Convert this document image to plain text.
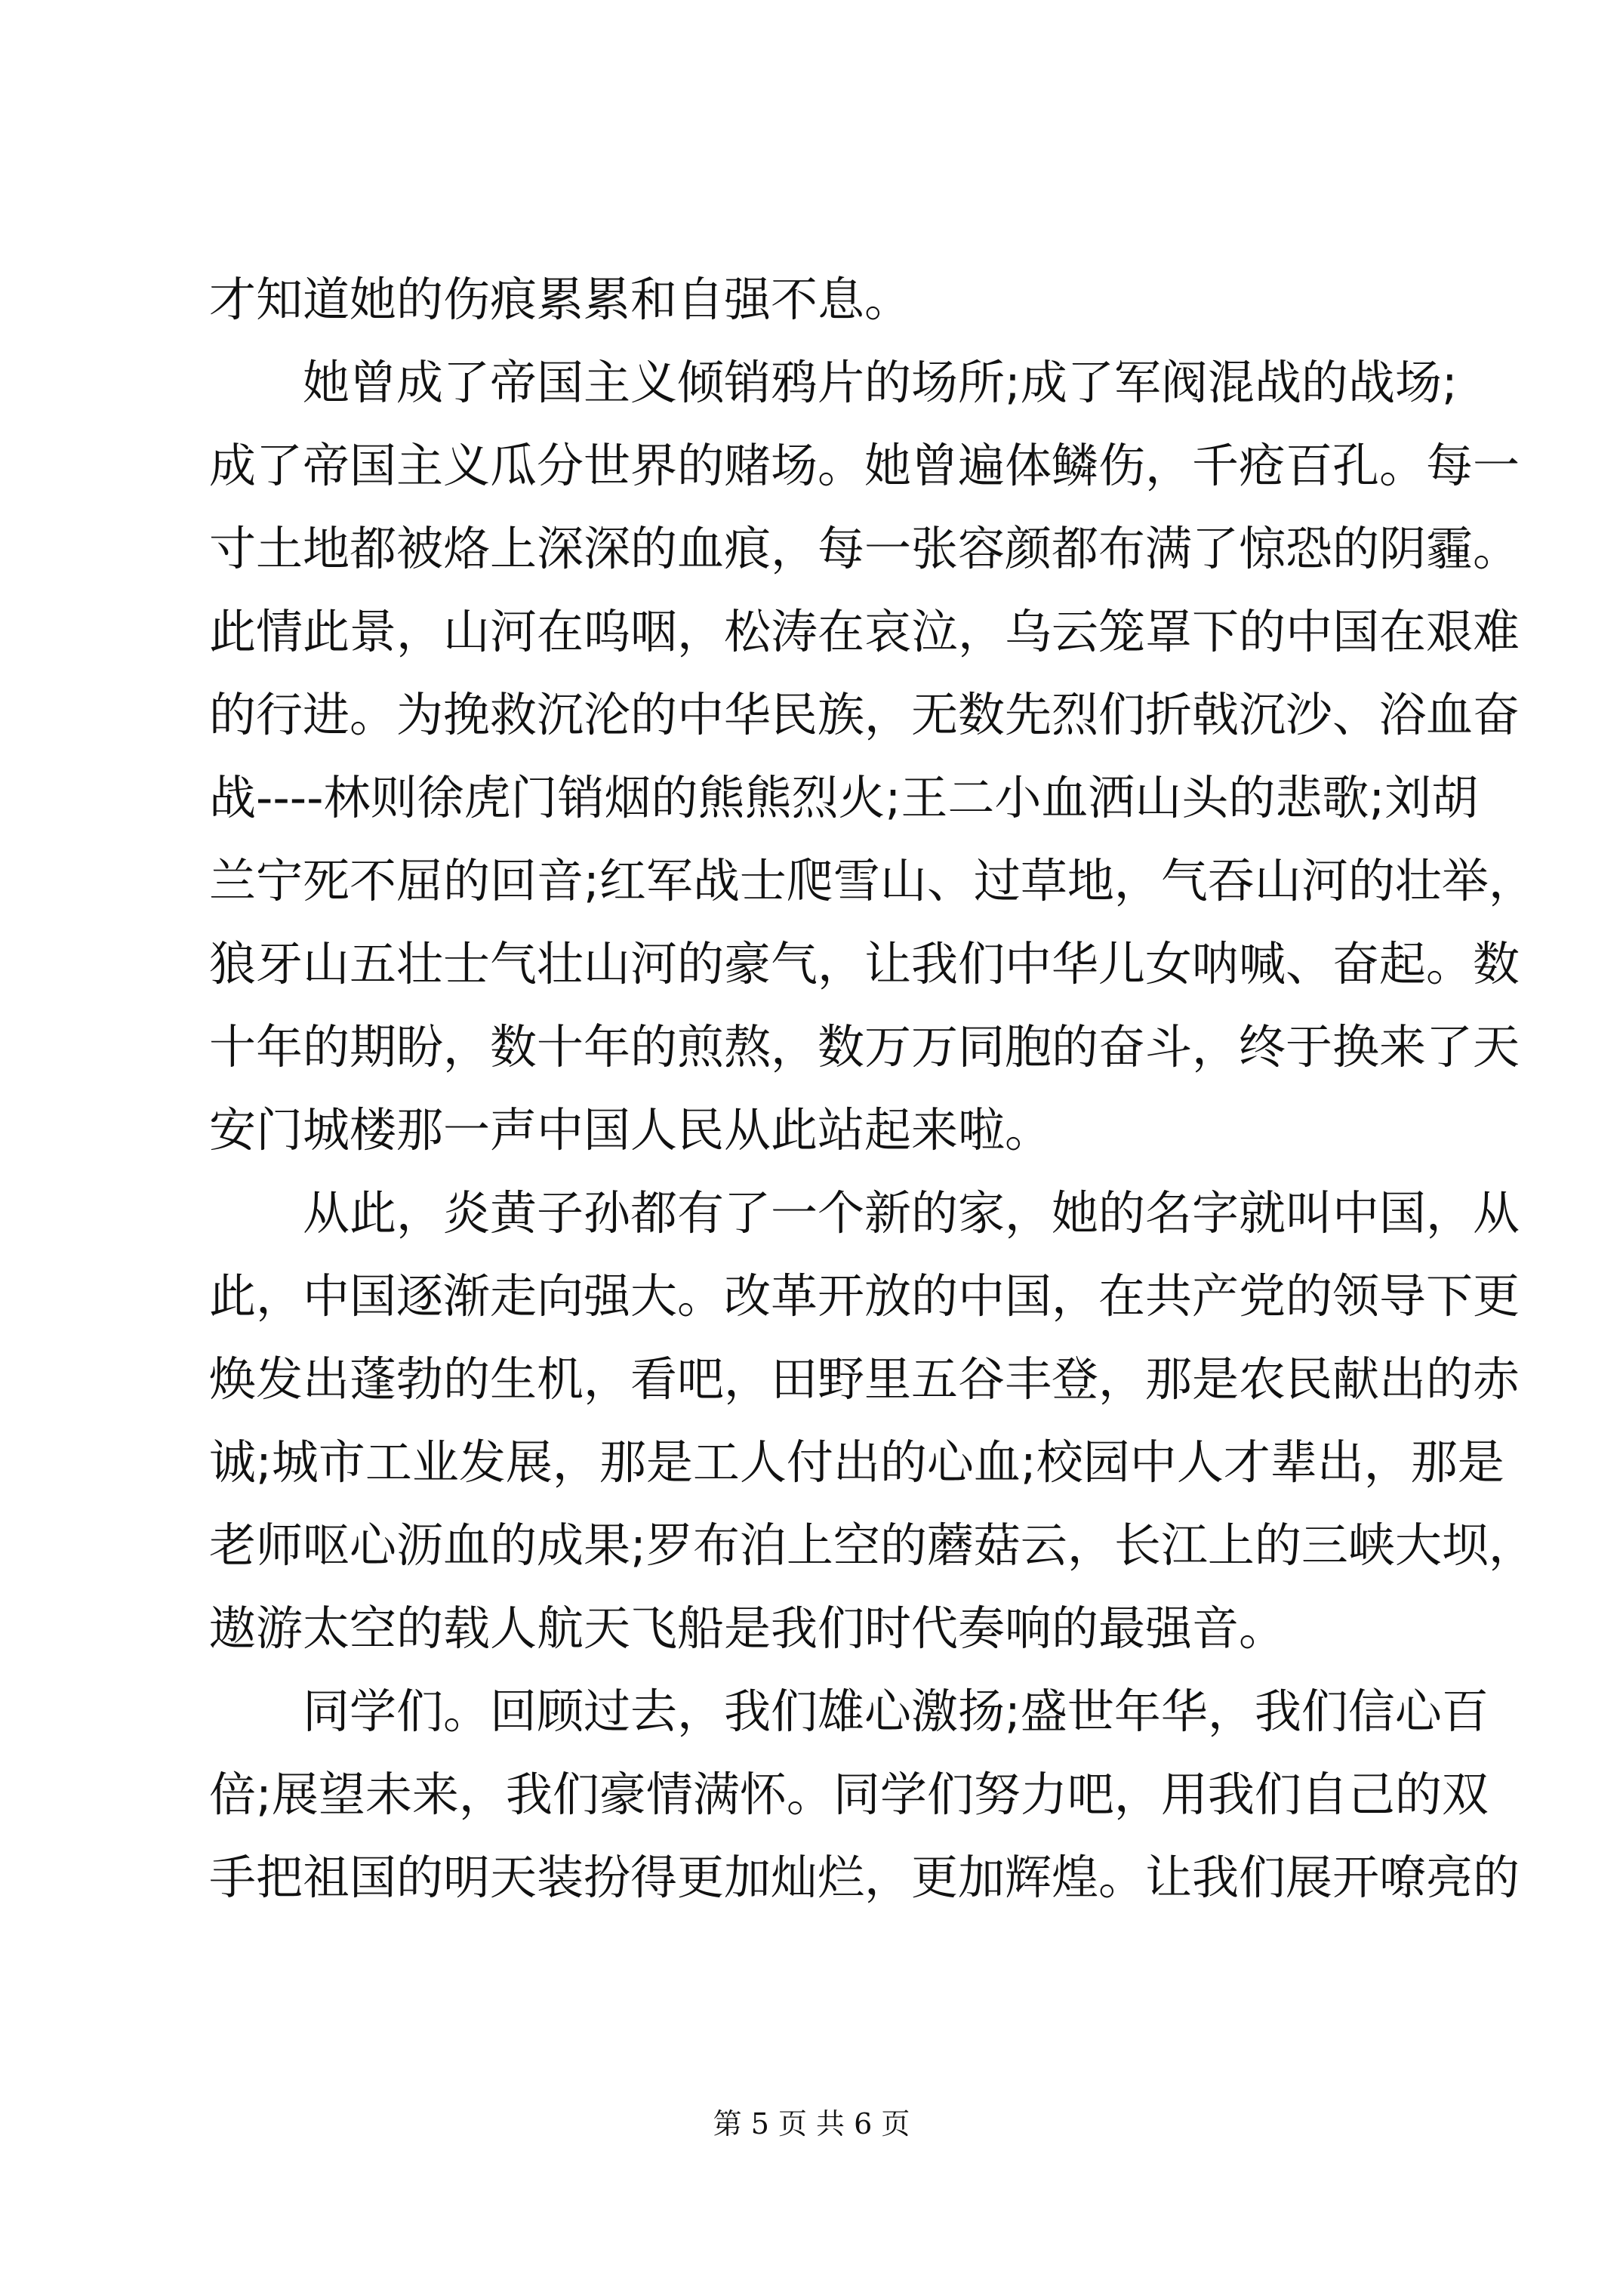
才知道她的伤痕累累和自强不息。
　　她曾成了帝国主义倾销鸦片的场所;成了军阀混战的战场;
成了帝国主义瓜分世界的赌场。她曾遍体鳞伤，千疮百孔。每一
寸土地都被烙上深深的血痕，每一张容颜都布满了惊恐的阴霾。
此情此景，山河在呜咽，松涛在哀泣，乌云笼罩下的中国在艰难
的行进。为挽救沉沦的中华民族，无数先烈们折戟沉沙、浴血奋
战----林则徐虎门销烟的熊熊烈火;王二小血洒山头的悲歌;刘胡
兰宁死不屈的回音;红军战士爬雪山、过草地，气吞山河的壮举，
狼牙山五壮士气壮山河的豪气，让我们中华儿女呐喊、奋起。数
十年的期盼，数十年的煎熬，数万万同胞的奋斗，终于换来了天
安门城楼那一声中国人民从此站起来啦。
　　从此，炎黄子孙都有了一个新的家，她的名字就叫中国，从
此，中国逐渐走向强大。改革开放的中国，在共产党的领导下更
焕发出蓬勃的生机，看吧，田野里五谷丰登，那是农民献出的赤
诚;城市工业发展，那是工人付出的心血;校园中人才辈出，那是
老师呕心沥血的成果;罗布泊上空的蘑菇云，长江上的三峡大坝，
遨游太空的载人航天飞船是我们时代奏响的最强音。
　　同学们。回顾过去，我们雄心激扬;盛世年华，我们信心百
倍;展望未来，我们豪情满怀。同学们努力吧，用我们自己的双
手把祖国的明天装扮得更加灿烂，更加辉煌。让我们展开嘹亮的
第 5 页 共 6 页
